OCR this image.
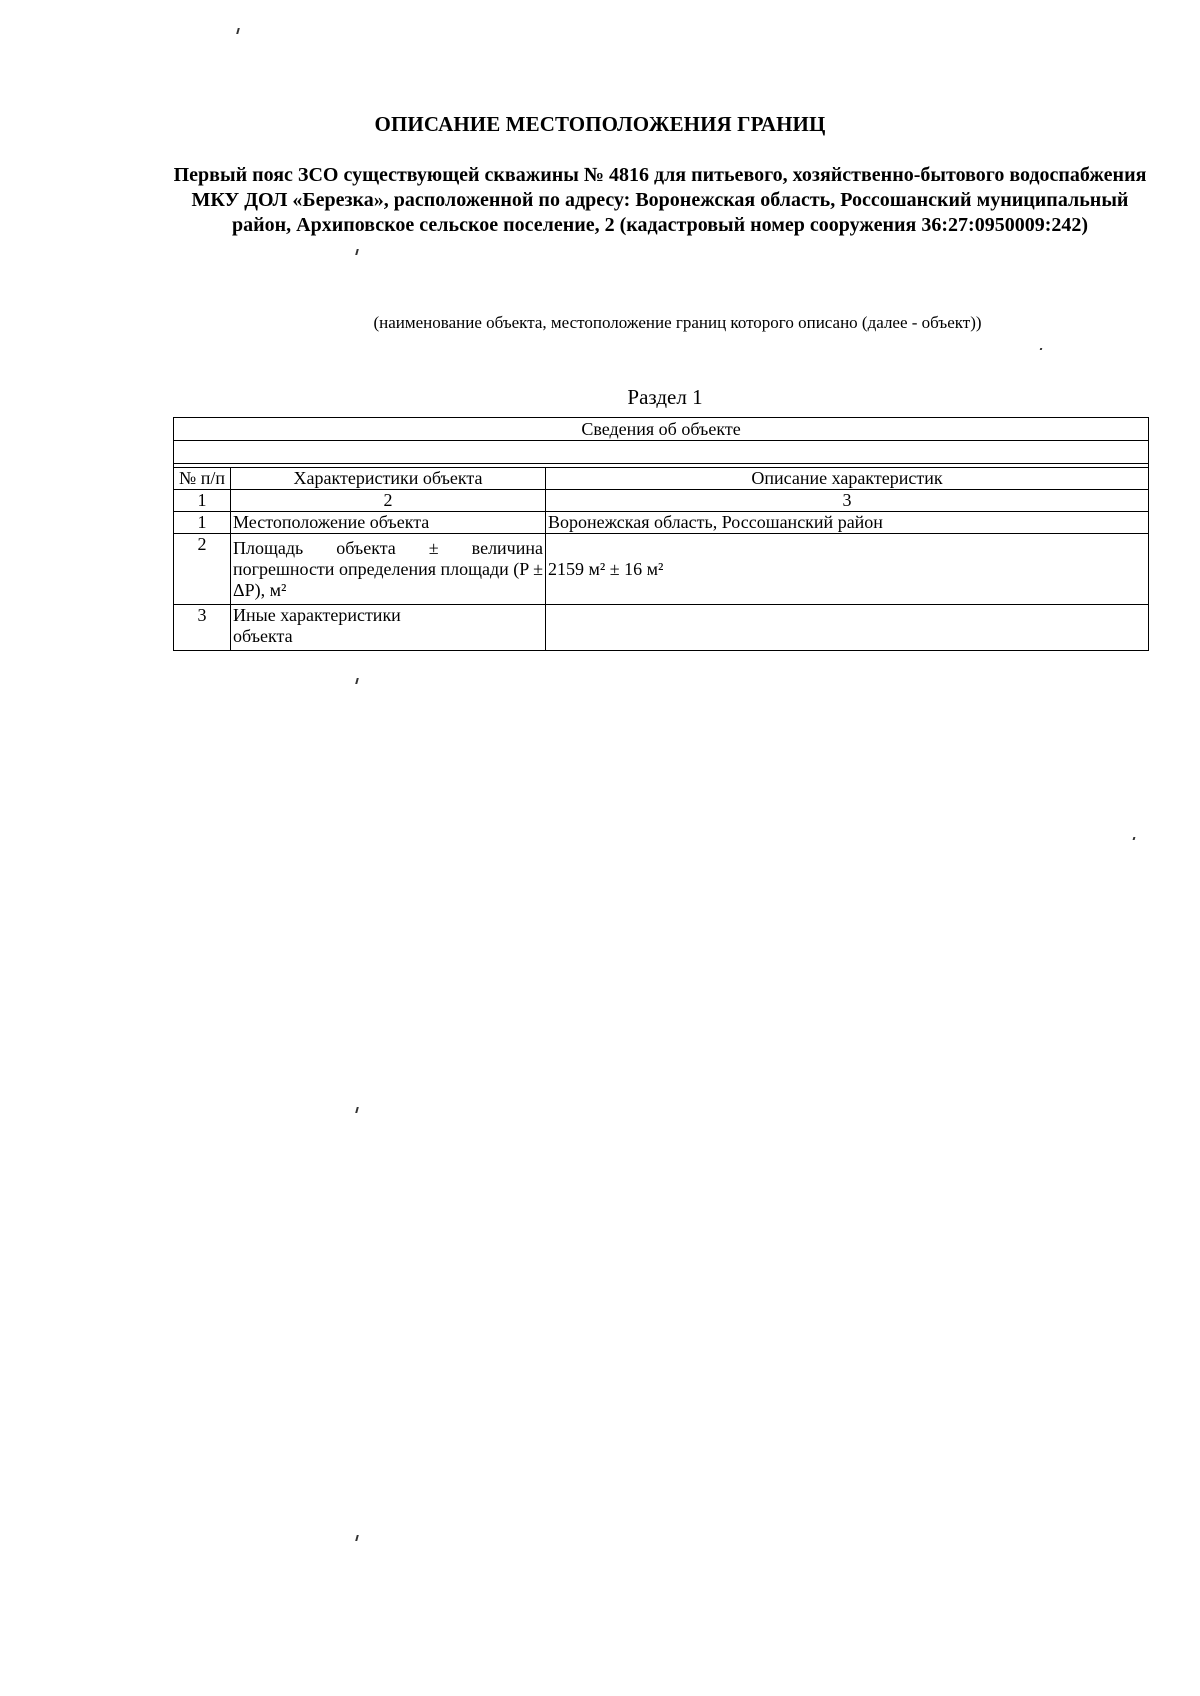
ОПИСАНИЕ МЕСТОПОЛОЖЕНИЯ ГРАНИЦ
Первый пояс ЗСО существующей скважины № 4816 для питьевого, хозяйственно-бытового водоспабжения МКУ ДОЛ «Березка», расположенной по адресу: Воронежская область, Россошанский муниципальный район, Архиповское сельское поселение, 2 (кадастровый номер сооружения 36:27:0950009:242)
(наименование объекта, местоположение границ которого описано (далее - объект))
Раздел 1
Сведения об объекте		

№ п/п	Характеристики объекта	Описание характеристик
1	2	3
1	Местоположение объекта	Воронежская область, Россошанский район
2	Площадь объекта ± величина погрешности определения площади (P ± ΔP), м²	2159 м² ± 16 м²
3	Иные характеристики объекта	
